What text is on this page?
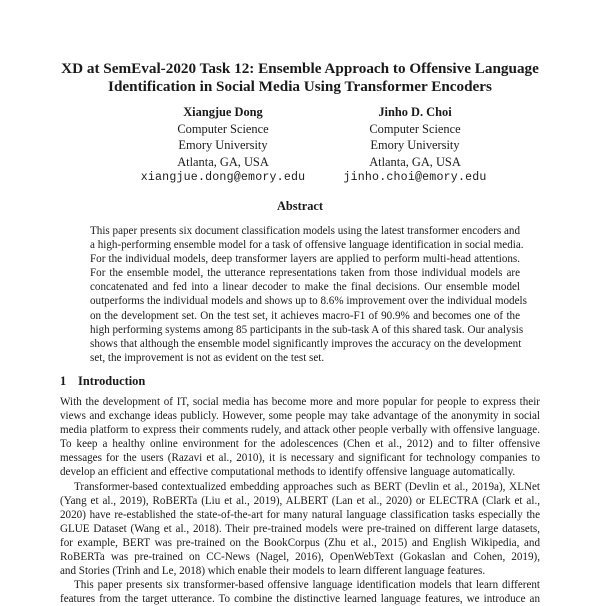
XD at SemEval-2020 Task 12: Ensemble Approach to Offensive Language
Identification in Social Media Using Transformer Encoders
Xiangjue Dong
Computer Science
Emory University
Atlanta, GA, USA
xiangjue.dong@emory.edu
Jinho D. Choi
Computer Science
Emory University
Atlanta, GA, USA
jinho.choi@emory.edu
Abstract
This paper presents six document classification models using the latest transformer encoders and
a high-performing ensemble model for a task of offensive language identification in social media.
For the individual models, deep transformer layers are applied to perform multi-head attentions.
For the ensemble model, the utterance representations taken from those individual models are
concatenated and fed into a linear decoder to make the final decisions. Our ensemble model
outperforms the individual models and shows up to 8.6% improvement over the individual models
on the development set. On the test set, it achieves macro-F1 of 90.9% and becomes one of the
high performing systems among 85 participants in the sub-task A of this shared task. Our analysis
shows that although the ensemble model significantly improves the accuracy on the development
set, the improvement is not as evident on the test set.
1 Introduction
With the development of IT, social media has become more and more popular for people to express their
views and exchange ideas publicly. However, some people may take advantage of the anonymity in social
media platform to express their comments rudely, and attack other people verbally with offensive language.
To keep a healthy online environment for the adolescences (Chen et al., 2012) and to filter offensive
messages for the users (Razavi et al., 2010), it is necessary and significant for technology companies to
develop an efficient and effective computational methods to identify offensive language automatically.
Transformer-based contextualized embedding approaches such as BERT (Devlin et al., 2019a), XLNet
(Yang et al., 2019), RoBERTa (Liu et al., 2019), ALBERT (Lan et al., 2020) or ELECTRA (Clark et al.,
2020) have re-established the state-of-the-art for many natural language classification tasks especially the
GLUE Dataset (Wang et al., 2018). Their pre-trained models were pre-trained on different large datasets,
for example, BERT was pre-trained on the BookCorpus (Zhu et al., 2015) and English Wikipedia, and
RoBERTa was pre-trained on CC-News (Nagel, 2016), OpenWebText (Gokaslan and Cohen, 2019),
and Stories (Trinh and Le, 2018) which enable their models to learn different language features.
This paper presents six transformer-based offensive language identification models that learn different
features from the target utterance. To combine the distinctive learned language features, we introduce an
